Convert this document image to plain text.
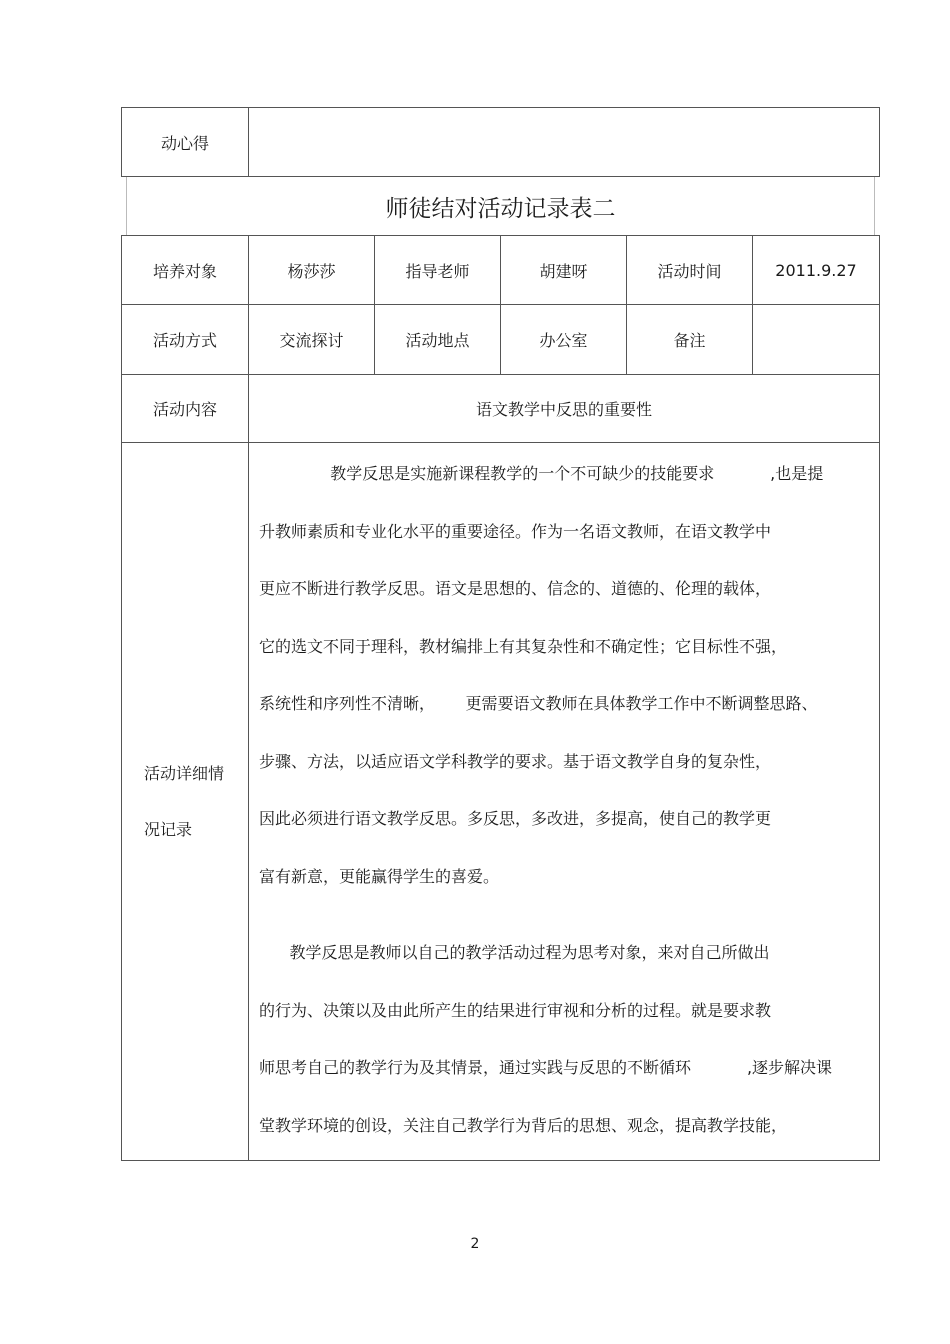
动心得
师徒结对活动记录表二
培养对象	杨莎莎	指导老师	胡建呀	活动时间	2011.9.27
活动方式	交流探讨	活动地点	办公室	备注
活动内容	语文教学中反思的重要性
活动详细情
况记录
教学反思是实施新课程教学的一个不可缺少的技能要求           ,也是提
升教师素质和专业化水平的重要途径。作为一名语文教师，在语文教学中
更应不断进行教学反思。语文是思想的、信念的、道德的、伦理的载体，
它的选文不同于理科，教材编排上有其复杂性和不确定性；它目标性不强，
系统性和序列性不清晰，      更需要语文教师在具体教学工作中不断调整思路、
步骤、方法，以适应语文学科教学的要求。基于语文教学自身的复杂性，
因此必须进行语文教学反思。多反思，多改进，多提高，使自己的教学更
富有新意，更能赢得学生的喜爱。
教学反思是教师以自己的教学活动过程为思考对象，来对自己所做出
的行为、决策以及由此所产生的结果进行审视和分析的过程。就是要求教
师思考自己的教学行为及其情景，通过实践与反思的不断循环           ,逐步解决课
堂教学环境的创设，关注自己教学行为背后的思想、观念，提高教学技能，
2
